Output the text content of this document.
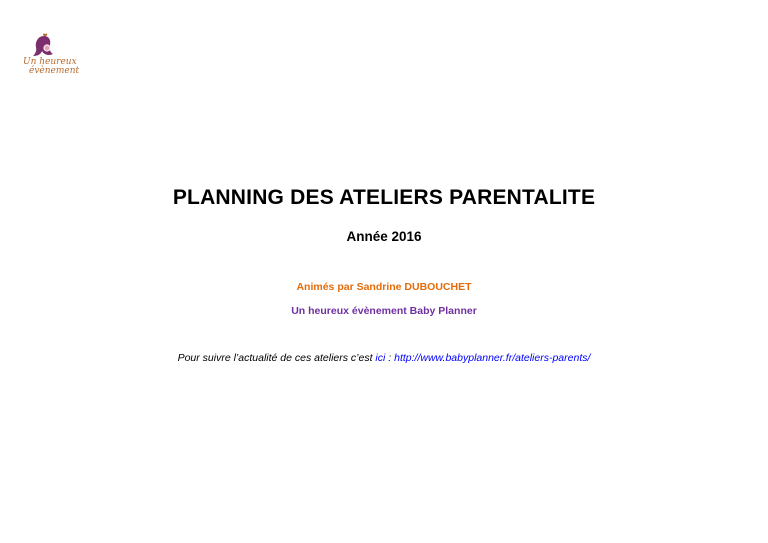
Un heureux
évènement
PLANNING DES ATELIERS PARENTALITE
Année 2016
Animés par Sandrine DUBOUCHET
Un heureux évènement Baby Planner
Pour suivre l’actualité de ces ateliers c’est ici : http://www.babyplanner.fr/ateliers-parents/
